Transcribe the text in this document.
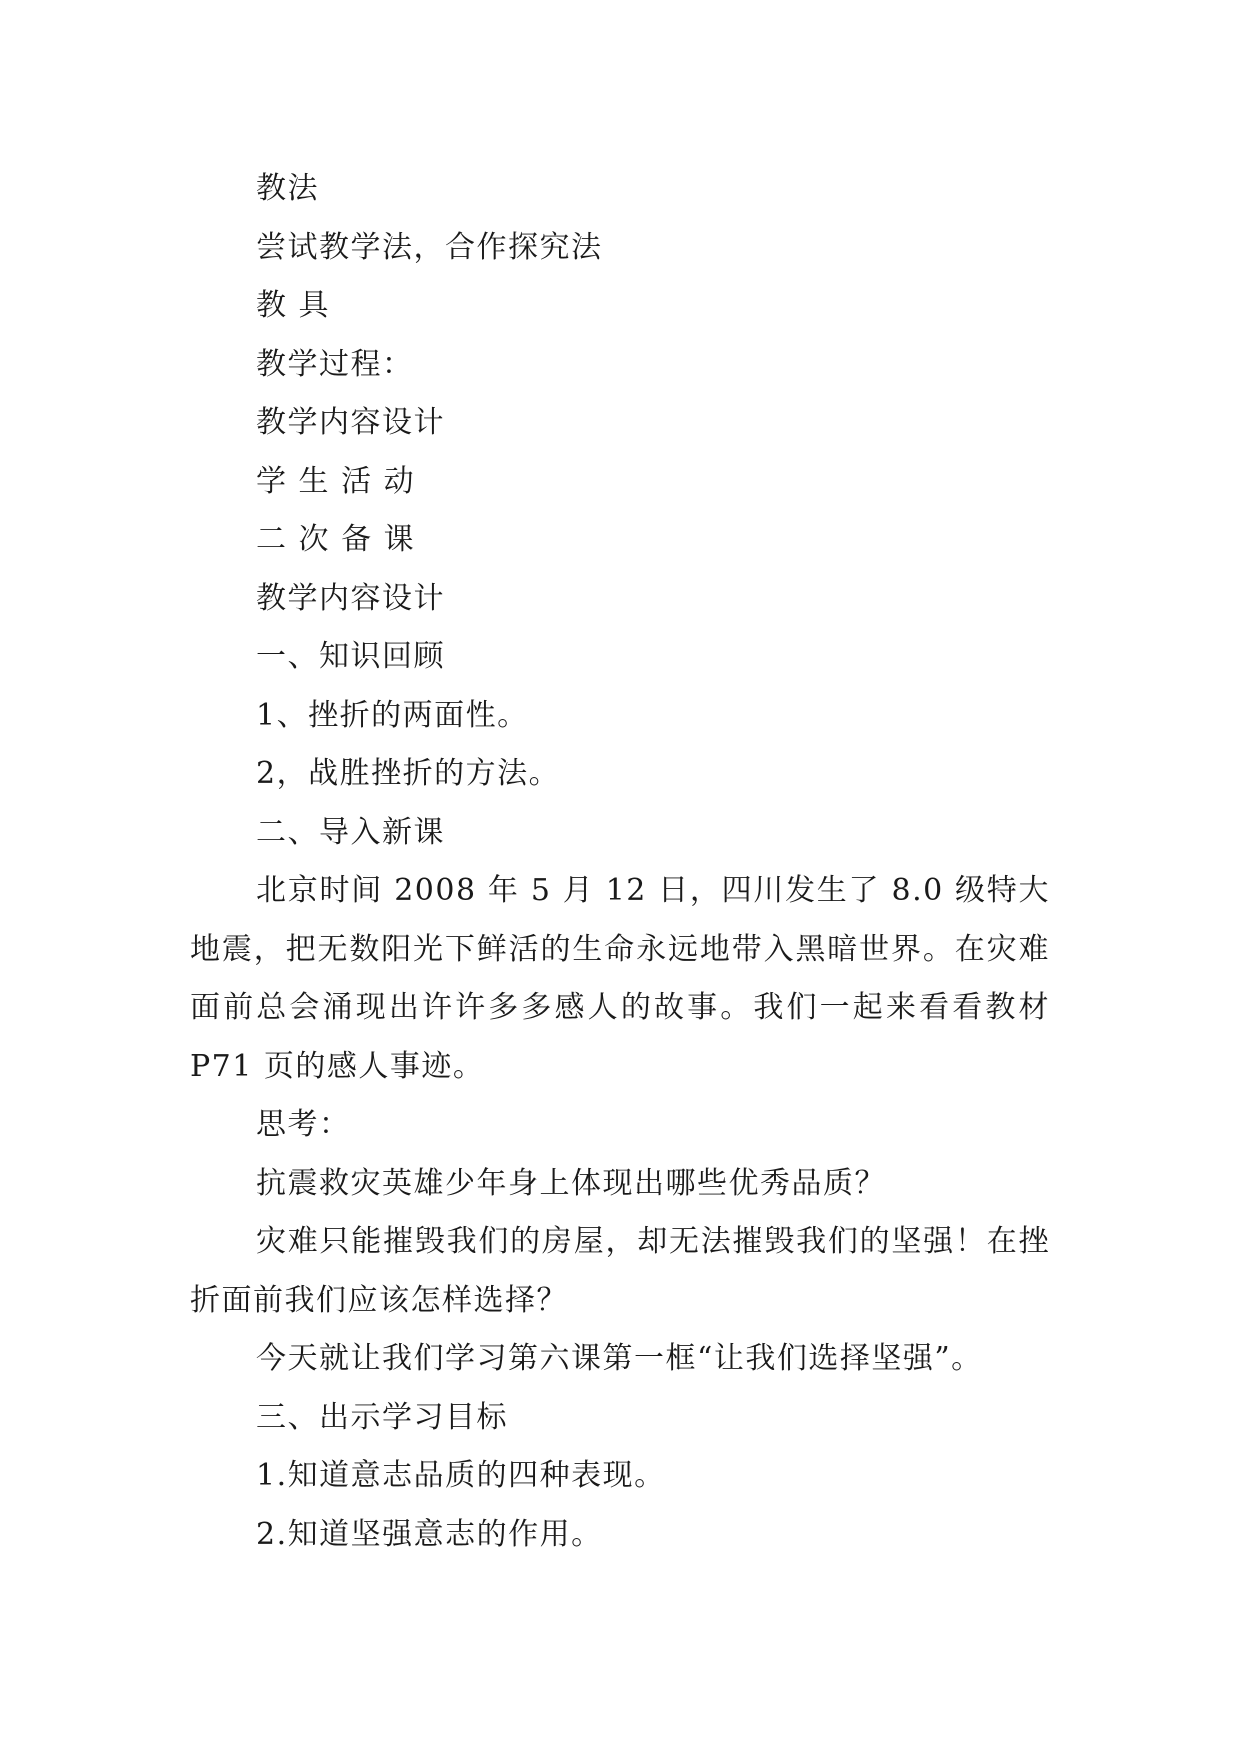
教法
尝试教学法，合作探究法
教 具
教学过程：
教学内容设计
学 生 活 动
二 次 备 课
教学内容设计
一、知识回顾
1、挫折的两面性。
2，战胜挫折的方法。
二、导入新课

北京时间 2008 年 5 月 12 日，四川发生了 8.0 级特大地震，把无数阳光下鲜活的生命永远地带入黑暗世界。在灾难面前总会涌现出许许多多感人的故事。我们一起来看看教材 P71 页的感人事迹。

思考：
抗震救灾英雄少年身上体现出哪些优秀品质？

灾难只能摧毁我们的房屋，却无法摧毁我们的坚强！在挫折面前我们应该怎样选择？

今天就让我们学习第六课第一框“让我们选择坚强”。
三、出示学习目标
1.知道意志品质的四种表现。
2.知道坚强意志的作用。
